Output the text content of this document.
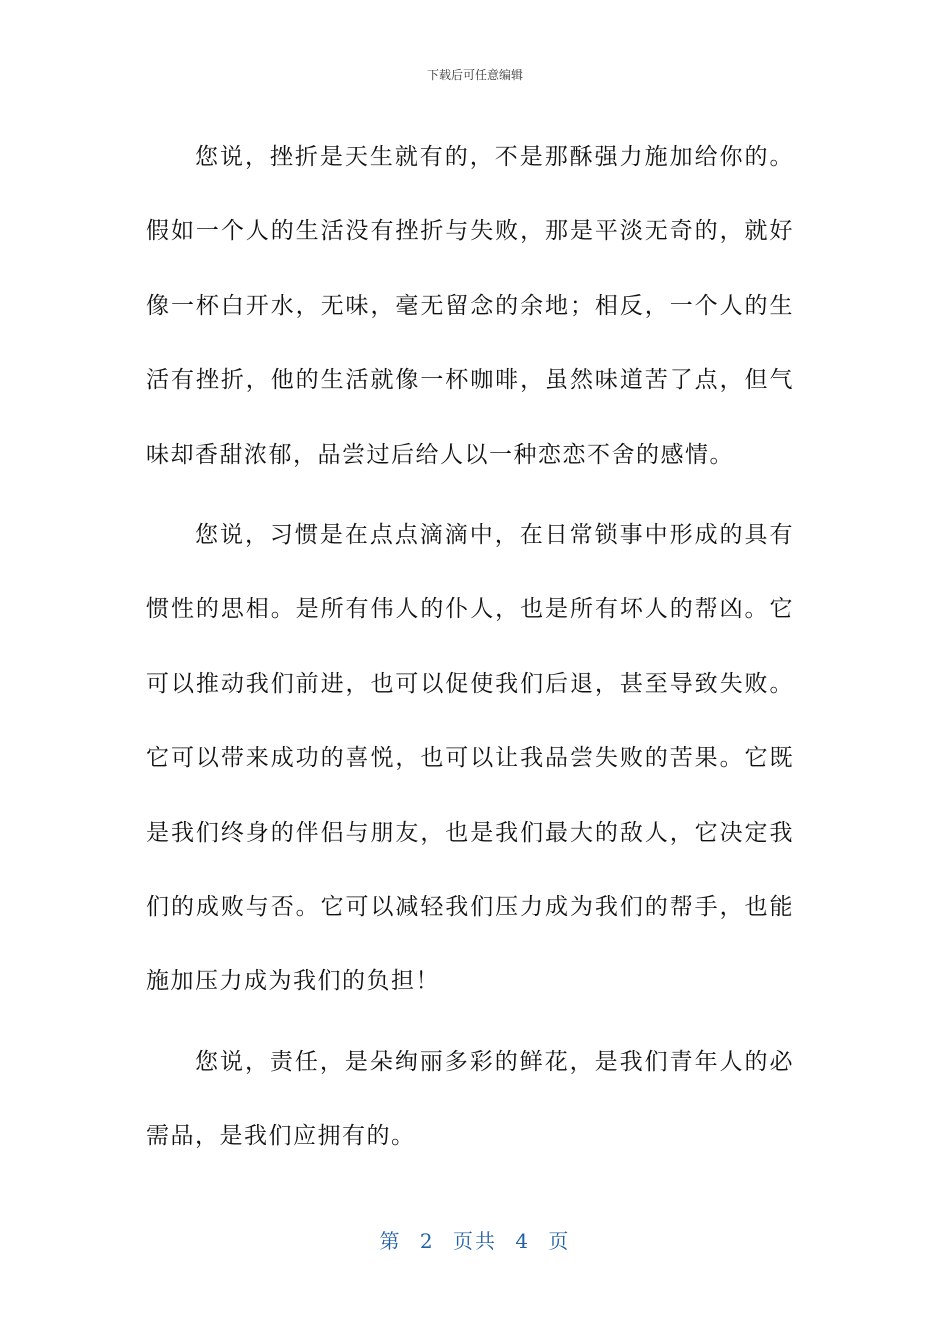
下载后可任意编辑

您说，挫折是天生就有的，不是那酥强力施加给你的。假如一个人的生活没有挫折与失败，那是平淡无奇的，就好像一杯白开水，无味，毫无留念的余地；相反，一个人的生活有挫折，他的生活就像一杯咖啡，虽然味道苦了点，但气味却香甜浓郁，品尝过后给人以一种恋恋不舍的感情。

您说，习惯是在点点滴滴中，在日常锁事中形成的具有惯性的思相。是所有伟人的仆人，也是所有坏人的帮凶。它可以推动我们前进，也可以促使我们后退，甚至导致失败。它可以带来成功的喜悦，也可以让我品尝失败的苦果。它既是我们终身的伴侣与朋友，也是我们最大的敌人，它决定我们的成败与否。它可以减轻我们压力成为我们的帮手，也能施加压力成为我们的负担！

您说，责任，是朵绚丽多彩的鲜花，是我们青年人的必需品，是我们应拥有的。

第 2 页共 4 页
